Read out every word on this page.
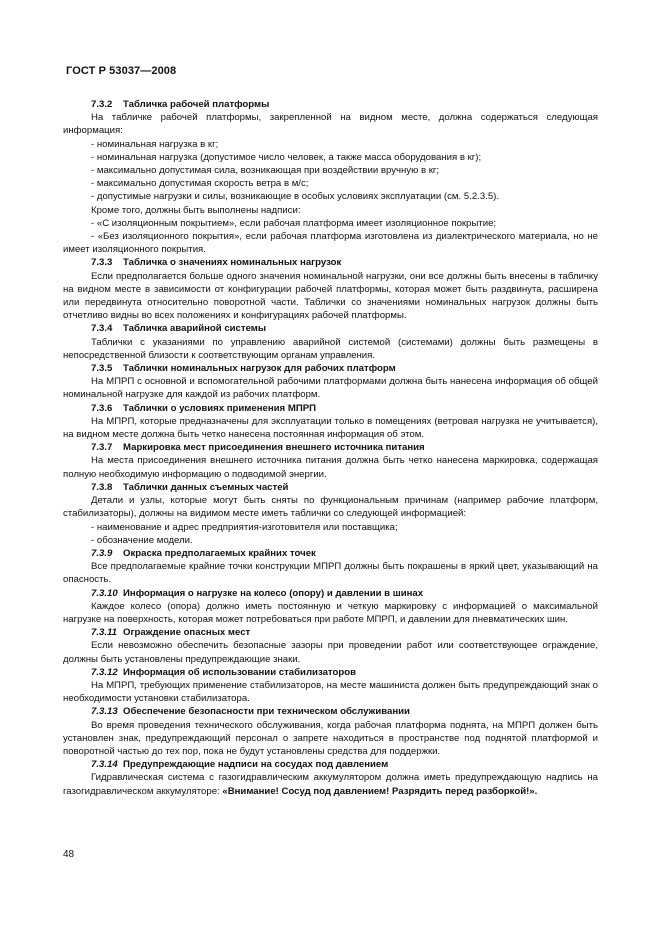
ГОСТ Р 53037—2008
7.3.2 Табличка рабочей платформы
На табличке рабочей платформы, закрепленной на видном месте, должна содержаться следующая информация:
- номинальная нагрузка в кг;
- номинальная нагрузка (допустимое число человек, а также масса оборудования в кг);
- максимально допустимая сила, возникающая при воздействии вручную в кг;
- максимально допустимая скорость ветра в м/с;
- допустимые нагрузки и силы, возникающие в особых условиях эксплуатации (см. 5.2.3.5).
Кроме того, должны быть выполнены надписи:
- «С изоляционным покрытием», если рабочая платформа имеет изоляционное покрытие;
- «Без изоляционного покрытия», если рабочая платформа изготовлена из диэлектрического материала, но не имеет изоляционного покрытия.
7.3.3 Табличка о значениях номинальных нагрузок
Если предполагается больше одного значения номинальной нагрузки, они все должны быть внесены в табличку на видном месте в зависимости от конфигурации рабочей платформы, которая может быть раздвинута, расширена или передвинута относительно поворотной части. Таблички со значениями номинальных нагрузок должны быть отчетливо видны во всех положениях и конфигурациях рабочей платформы.
7.3.4 Табличка аварийной системы
Таблички с указаниями по управлению аварийной системой (системами) должны быть размещены в непосредственной близости к соответствующим органам управления.
7.3.5 Таблички номинальных нагрузок для рабочих платформ
На МПРП с основной и вспомогательной рабочими платформами должна быть нанесена информация об общей номинальной нагрузке для каждой из рабочих платформ.
7.3.6 Таблички о условиях применения МПРП
На МПРП, которые предназначены для эксплуатации только в помещениях (ветровая нагрузка не учитывается), на видном месте должна быть четко нанесена постоянная информация об этом.
7.3.7 Маркировка мест присоединения внешнего источника питания
На места присоединения внешнего источника питания должна быть четко нанесена маркировка, содержащая полную необходимую информацию о подводимой энергии.
7.3.8 Таблички данных съемных частей
Детали и узлы, которые могут быть сняты по функциональным причинам (например рабочие платформ, стабилизаторы), должны на видимом месте иметь таблички со следующей информацией:
- наименование и адрес предприятия-изготовителя или поставщика;
- обозначение модели.
7.3.9 Окраска предполагаемых крайних точек
Все предполагаемые крайние точки конструкции МПРП должны быть покрашены в яркий цвет, указывающий на опасность.
7.3.10 Информация о нагрузке на колесо (опору) и давлении в шинах
Каждое колесо (опора) должно иметь постоянную и четкую маркировку с информацией о максимальной нагрузке на поверхность, которая может потребоваться при работе МПРП, и давлении для пневматических шин.
7.3.11 Ограждение опасных мест
Если невозможно обеспечить безопасные зазоры при проведении работ или соответствующее ограждение, должны быть установлены предупреждающие знаки.
7.3.12 Информация об использовании стабилизаторов
На МПРП, требующих применение стабилизаторов, на месте машиниста должен быть предупреждающий знак о необходимости установки стабилизатора.
7.3.13 Обеспечение безопасности при техническом обслуживании
Во время проведения технического обслуживания, когда рабочая платформа поднята, на МПРП должен быть установлен знак, предупреждающий персонал о запрете находиться в пространстве под поднятой платформой и поворотной частью до тех пор, пока не будут установлены средства для поддержки.
7.3.14 Предупреждающие надписи на сосудах под давлением
Гидравлическая система с газогидравлическим аккумулятором должна иметь предупреждающую надпись на газогидравлическом аккумуляторе: «Внимание! Сосуд под давлением! Разрядить перед разборкой!».
48
